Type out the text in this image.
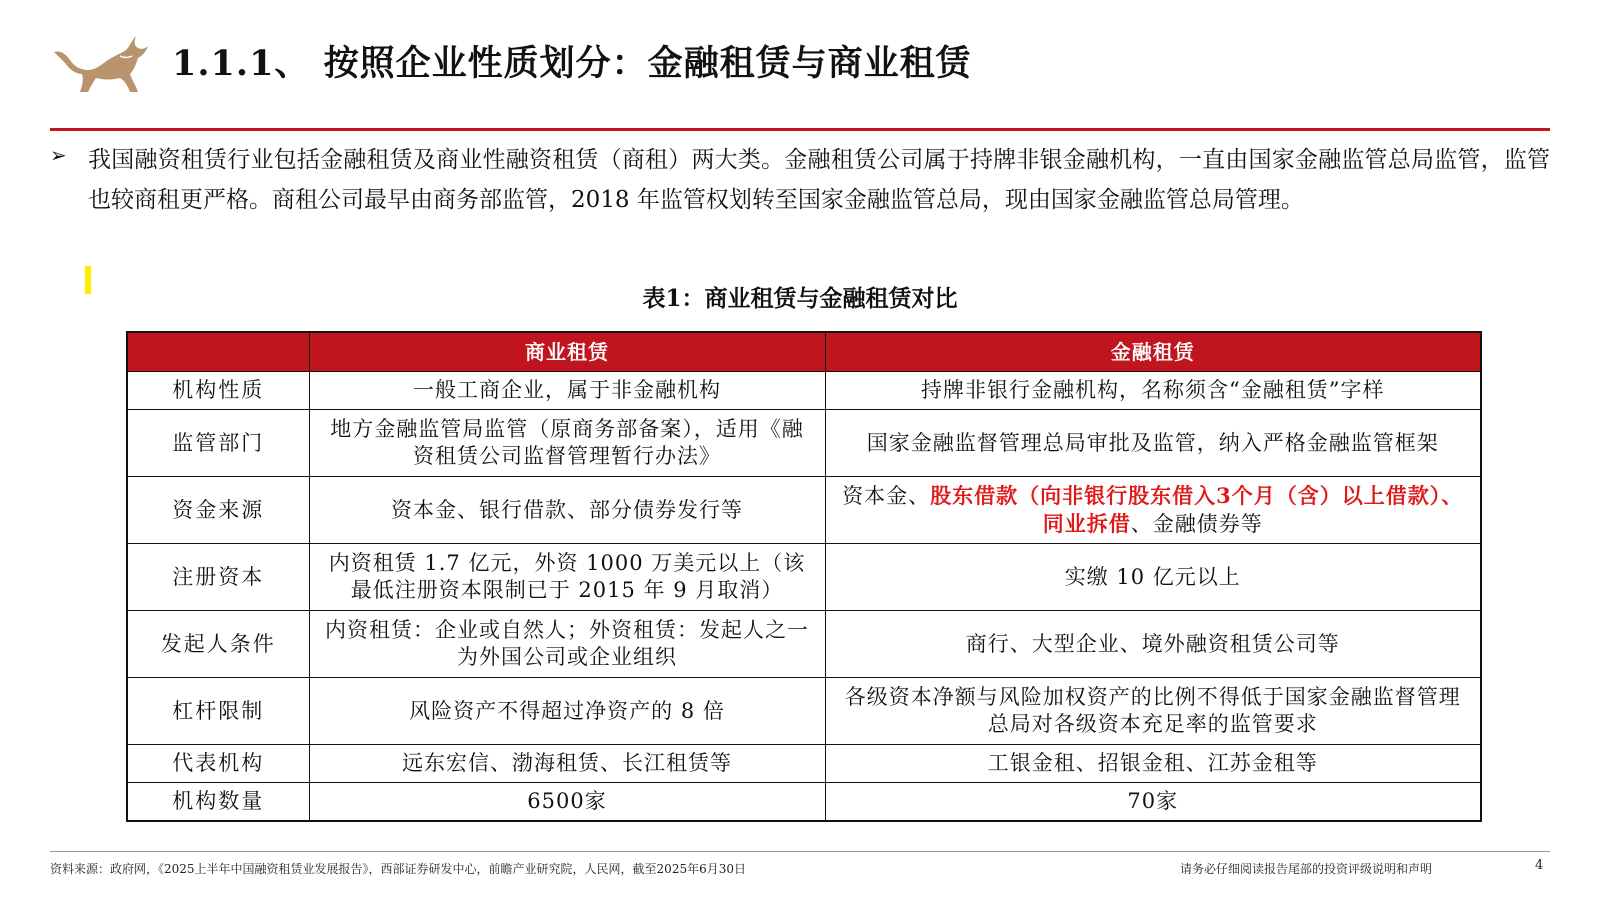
1.1.1、 按照企业性质划分：金融租赁与商业租赁
➢ 我国融资租赁行业包括金融租赁及商业性融资租赁（商租）两大类。金融租赁公司属于持牌非银金融机构，一直由国家金融监管总局监管，监管也较商租更严格。商租公司最早由商务部监管，2018 年监管权划转至国家金融监管总局，现由国家金融监管总局管理。
表1：商业租赁与金融租赁对比
	商业租赁	金融租赁
机构性质	一般工商企业，属于非金融机构	持牌非银行金融机构，名称须含“金融租赁”字样
监管部门	地方金融监管局监管（原商务部备案），适用《融资租赁公司监督管理暂行办法》	国家金融监督管理总局审批及监管，纳入严格金融监管框架
资金来源	资本金、银行借款、部分债券发行等	资本金、股东借款（向非银行股东借入3个月（含）以上借款）、同业拆借、金融债券等
注册资本	内资租赁 1.7 亿元，外资 1000 万美元以上（该最低注册资本限制已于 2015 年 9 月取消）	实缴 10 亿元以上
发起人条件	内资租赁：企业或自然人；外资租赁：发起人之一为外国公司或企业组织	商行、大型企业、境外融资租赁公司等
杠杆限制	风险资产不得超过净资产的 8 倍	各级资本净额与风险加权资产的比例不得低于国家金融监督管理总局对各级资本充足率的监管要求
代表机构	远东宏信、渤海租赁、长江租赁等	工银金租、招银金租、江苏金租等
机构数量	6500家	70家
资料来源：政府网，《2025上半年中国融资租赁业发展报告》，西部证券研发中心，前瞻产业研究院，人民网，截至2025年6月30日	请务必仔细阅读报告尾部的投资评级说明和声明	4
